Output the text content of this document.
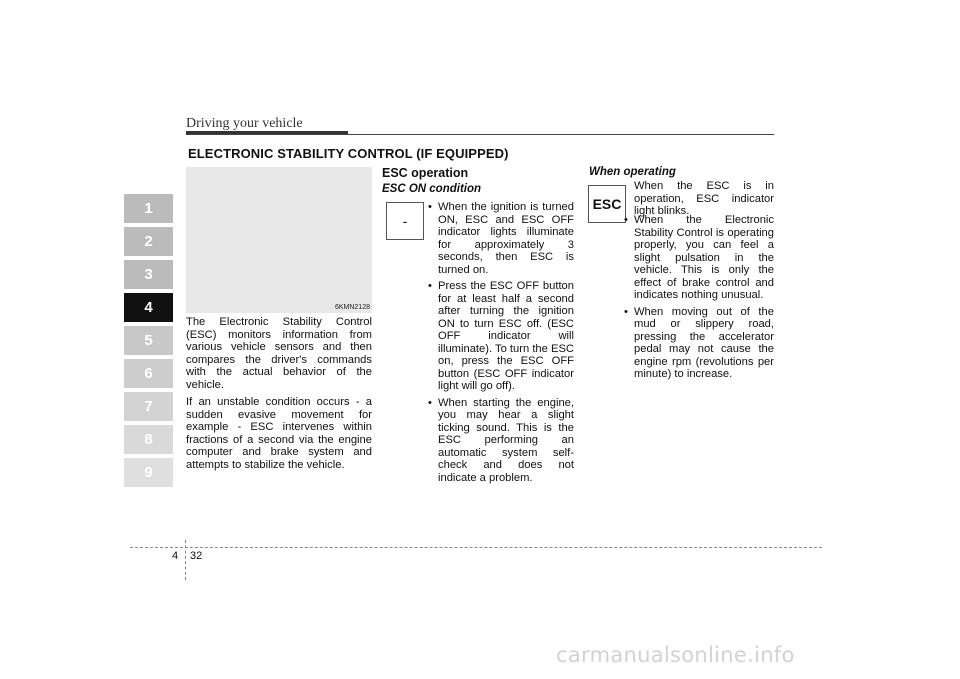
Driving your vehicle
1
2
3
4
5
6
7
8
9
ELECTRONIC STABILITY CONTROL (IF EQUIPPED)
6KMN2128

The Electronic Stability Control (ESC) monitors information from various vehicle sensors and then compares the driver's commands with the actual behavior of the vehicle.

If an unstable condition occurs - a sudden evasive movement for example - ESC intervenes within fractions of a second via the engine computer and brake system and attempts to stabilize the vehicle.

ESC operation
ESC ON condition
-
• When the ignition is turned ON, ESC and ESC OFF indicator lights illuminate for approximately 3 seconds, then ESC is turned on.
• Press the ESC OFF button for at least half a second after turning the ignition ON to turn ESC off. (ESC OFF indicator will illuminate). To turn the ESC on, press the ESC OFF button (ESC OFF indicator light will go off).
• When starting the engine, you may hear a slight ticking sound. This is the ESC performing an automatic system self-check and does not indicate a problem.
When operating
ESC
When the ESC is in operation, ESC indicator light blinks.
• When the Electronic Stability Control is operating properly, you can feel a slight pulsation in the vehicle. This is only the effect of brake control and indicates nothing unusual.
• When moving out of the mud or slippery road, pressing the accelerator pedal may not cause the engine rpm (revolutions per minute) to increase.
4 32
carmanualsonline.info
